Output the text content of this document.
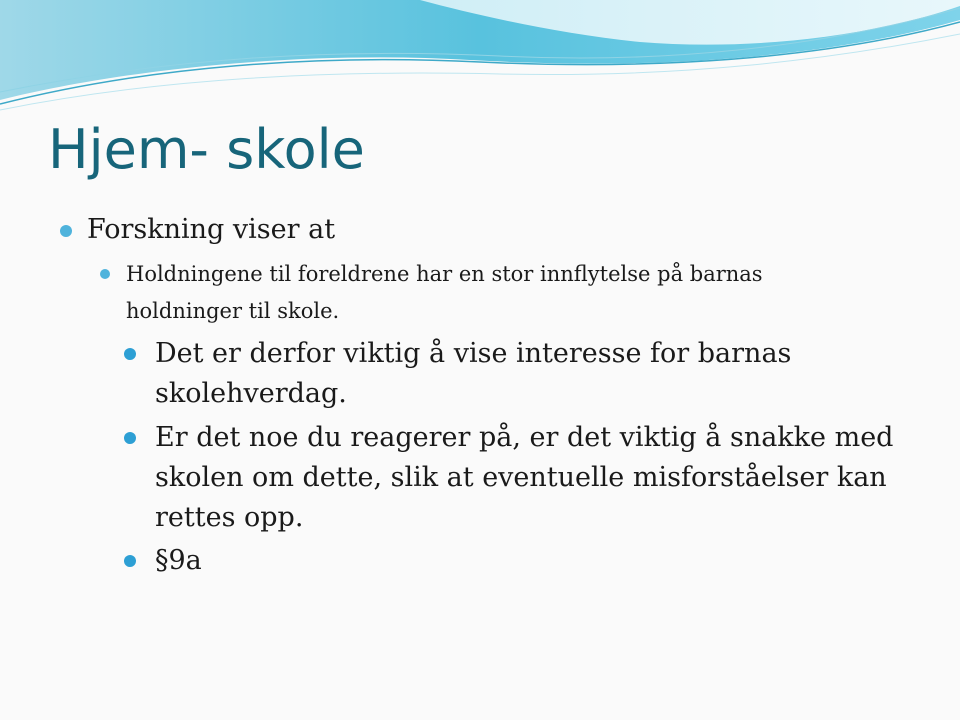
Hjem- skole
Forskning viser at
Holdningene til foreldrene har en stor innflytelse på barnas holdninger til skole.
Det er derfor viktig å vise interesse for barnas skolehverdag.
Er det noe du reagerer på, er det viktig å snakke med skolen om dette, slik at eventuelle misforståelser kan rettes opp.
§9a
